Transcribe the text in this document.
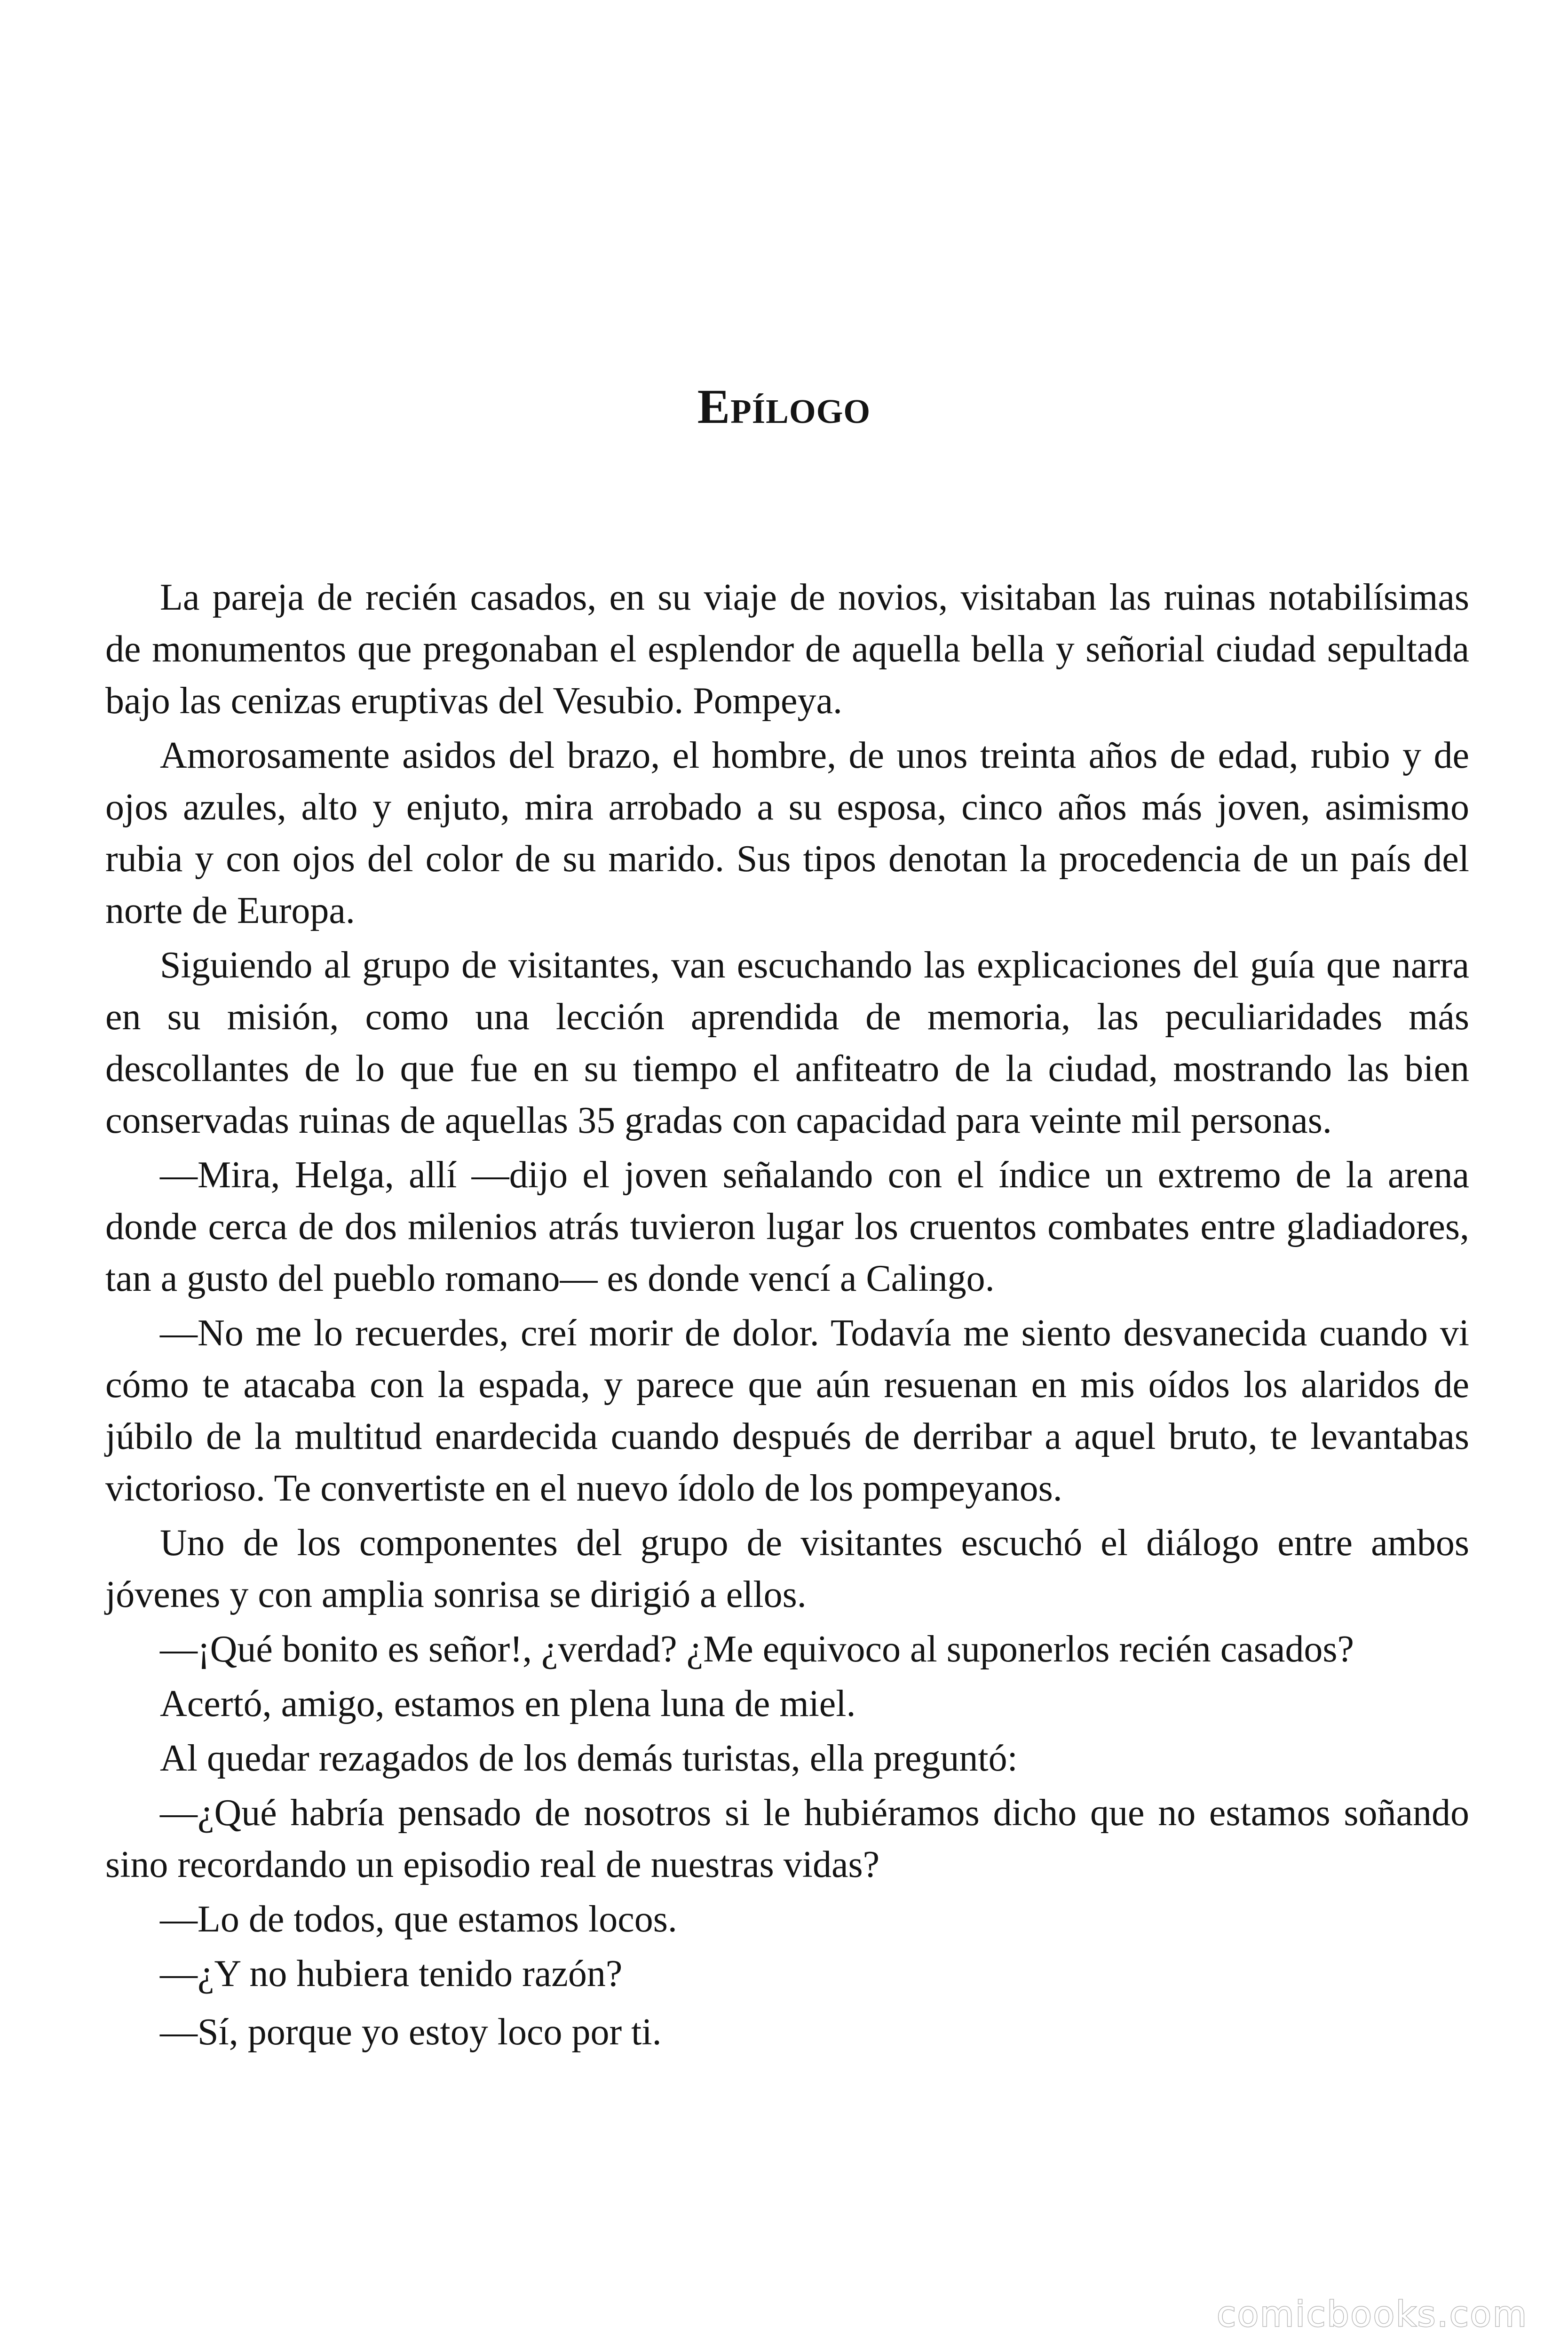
Epílogo

La pareja de recién casados, en su viaje de novios, visitaban las ruinas notabilísimas de monumentos que pregonaban el esplendor de aquella bella y señorial ciudad sepultada bajo las cenizas eruptivas del Vesubio. Pompeya.

Amorosamente asidos del brazo, el hombre, de unos treinta años de edad, rubio y de ojos azules, alto y enjuto, mira arrobado a su esposa, cinco años más joven, asimismo rubia y con ojos del color de su marido. Sus tipos denotan la procedencia de un país del norte de Europa.

Siguiendo al grupo de visitantes, van escuchando las explicaciones del guía que narra en su misión, como una lección aprendida de memoria, las peculiaridades más descollantes de lo que fue en su tiempo el anfiteatro de la ciudad, mostrando las bien conservadas ruinas de aquellas 35 gradas con capacidad para veinte mil personas.

—Mira, Helga, allí —dijo el joven señalando con el índice un extremo de la arena donde cerca de dos milenios atrás tuvieron lugar los cruentos combates entre gladiadores, tan a gusto del pueblo romano— es donde vencí a Calingo.

—No me lo recuerdes, creí morir de dolor. Todavía me siento desvanecida cuando vi cómo te atacaba con la espada, y parece que aún resuenan en mis oídos los alaridos de júbilo de la multitud enardecida cuando después de derribar a aquel bruto, te levantabas victorioso. Te convertiste en el nuevo ídolo de los pompeyanos.

Uno de los componentes del grupo de visitantes escuchó el diálogo entre ambos jóvenes y con amplia sonrisa se dirigió a ellos.

—¡Qué bonito es señor!, ¿verdad? ¿Me equivoco al suponerlos recién casados?

Acertó, amigo, estamos en plena luna de miel.

Al quedar rezagados de los demás turistas, ella preguntó:

—¿Qué habría pensado de nosotros si le hubiéramos dicho que no estamos soñando sino recordando un episodio real de nuestras vidas?

—Lo de todos, que estamos locos.

—¿Y no hubiera tenido razón?

—Sí, porque yo estoy loco por ti.

comicbooks.com
